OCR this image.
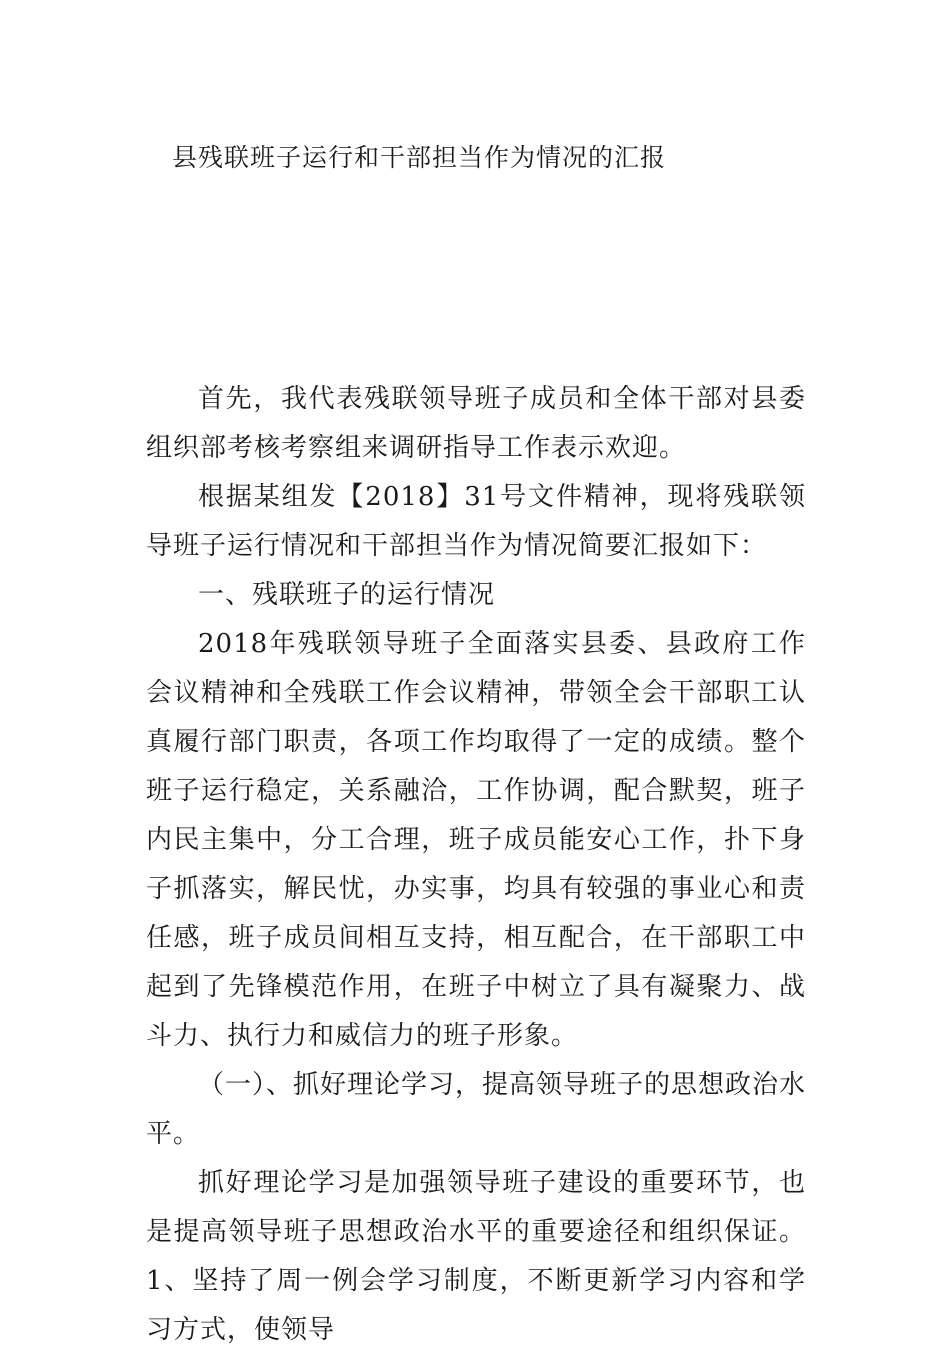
县残联班子运行和干部担当作为情况的汇报

首先，我代表残联领导班子成员和全体干部对县委组织部考核考察组来调研指导工作表示欢迎。

根据某组发【2018】31号文件精神，现将残联领导班子运行情况和干部担当作为情况简要汇报如下：

一、残联班子的运行情况

2018年残联领导班子全面落实县委、县政府工作会议精神和全残联工作会议精神，带领全会干部职工认真履行部门职责，各项工作均取得了一定的成绩。整个班子运行稳定，关系融洽，工作协调，配合默契，班子内民主集中，分工合理，班子成员能安心工作，扑下身子抓落实，解民忧，办实事，均具有较强的事业心和责任感，班子成员间相互支持，相互配合，在干部职工中起到了先锋模范作用，在班子中树立了具有凝聚力、战斗力、执行力和威信力的班子形象。

（一）、抓好理论学习，提高领导班子的思想政治水平。

抓好理论学习是加强领导班子建设的重要环节，也是提高领导班子思想政治水平的重要途径和组织保证。1、坚持了周一例会学习制度，不断更新学习内容和学习方式，使领导
